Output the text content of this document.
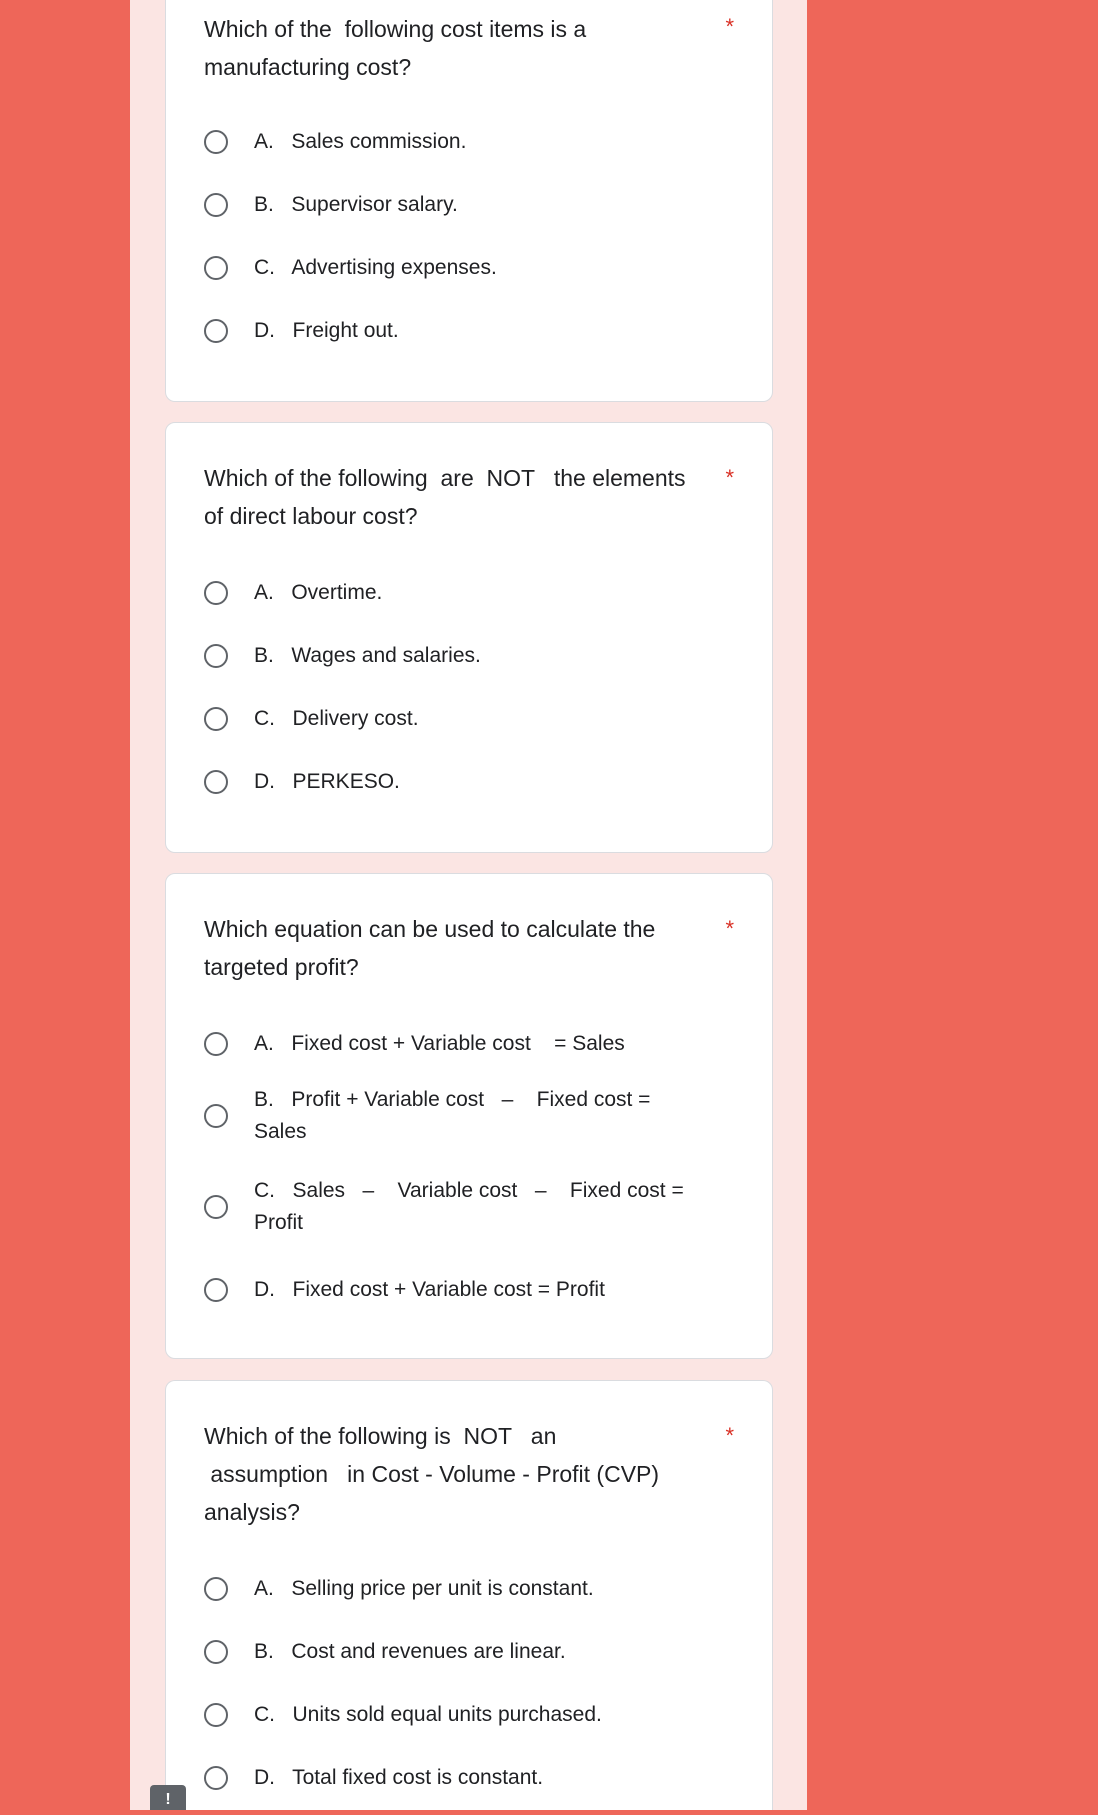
Which of the  following cost items is a manufacturing cost?
*
A.   Sales commission.
B.   Supervisor salary.
C.   Advertising expenses.
D.   Freight out.
Which of the following  are  NOT   the elements of direct labour cost?
*
A.   Overtime.
B.   Wages and salaries.
C.   Delivery cost.
D.   PERKESO.
Which equation can be used to calculate the targeted profit?
*
A.   Fixed cost + Variable cost    = Sales
B.   Profit + Variable cost   –    Fixed cost = Sales
C.   Sales   –    Variable cost   –    Fixed cost = Profit
D.   Fixed cost + Variable cost = Profit
Which of the following is  NOT   an
assumption   in Cost - Volume - Profit (CVP) analysis?
*
A.   Selling price per unit is constant.
B.   Cost and revenues are linear.
C.   Units sold equal units purchased.
D.   Total fixed cost is constant.
!
